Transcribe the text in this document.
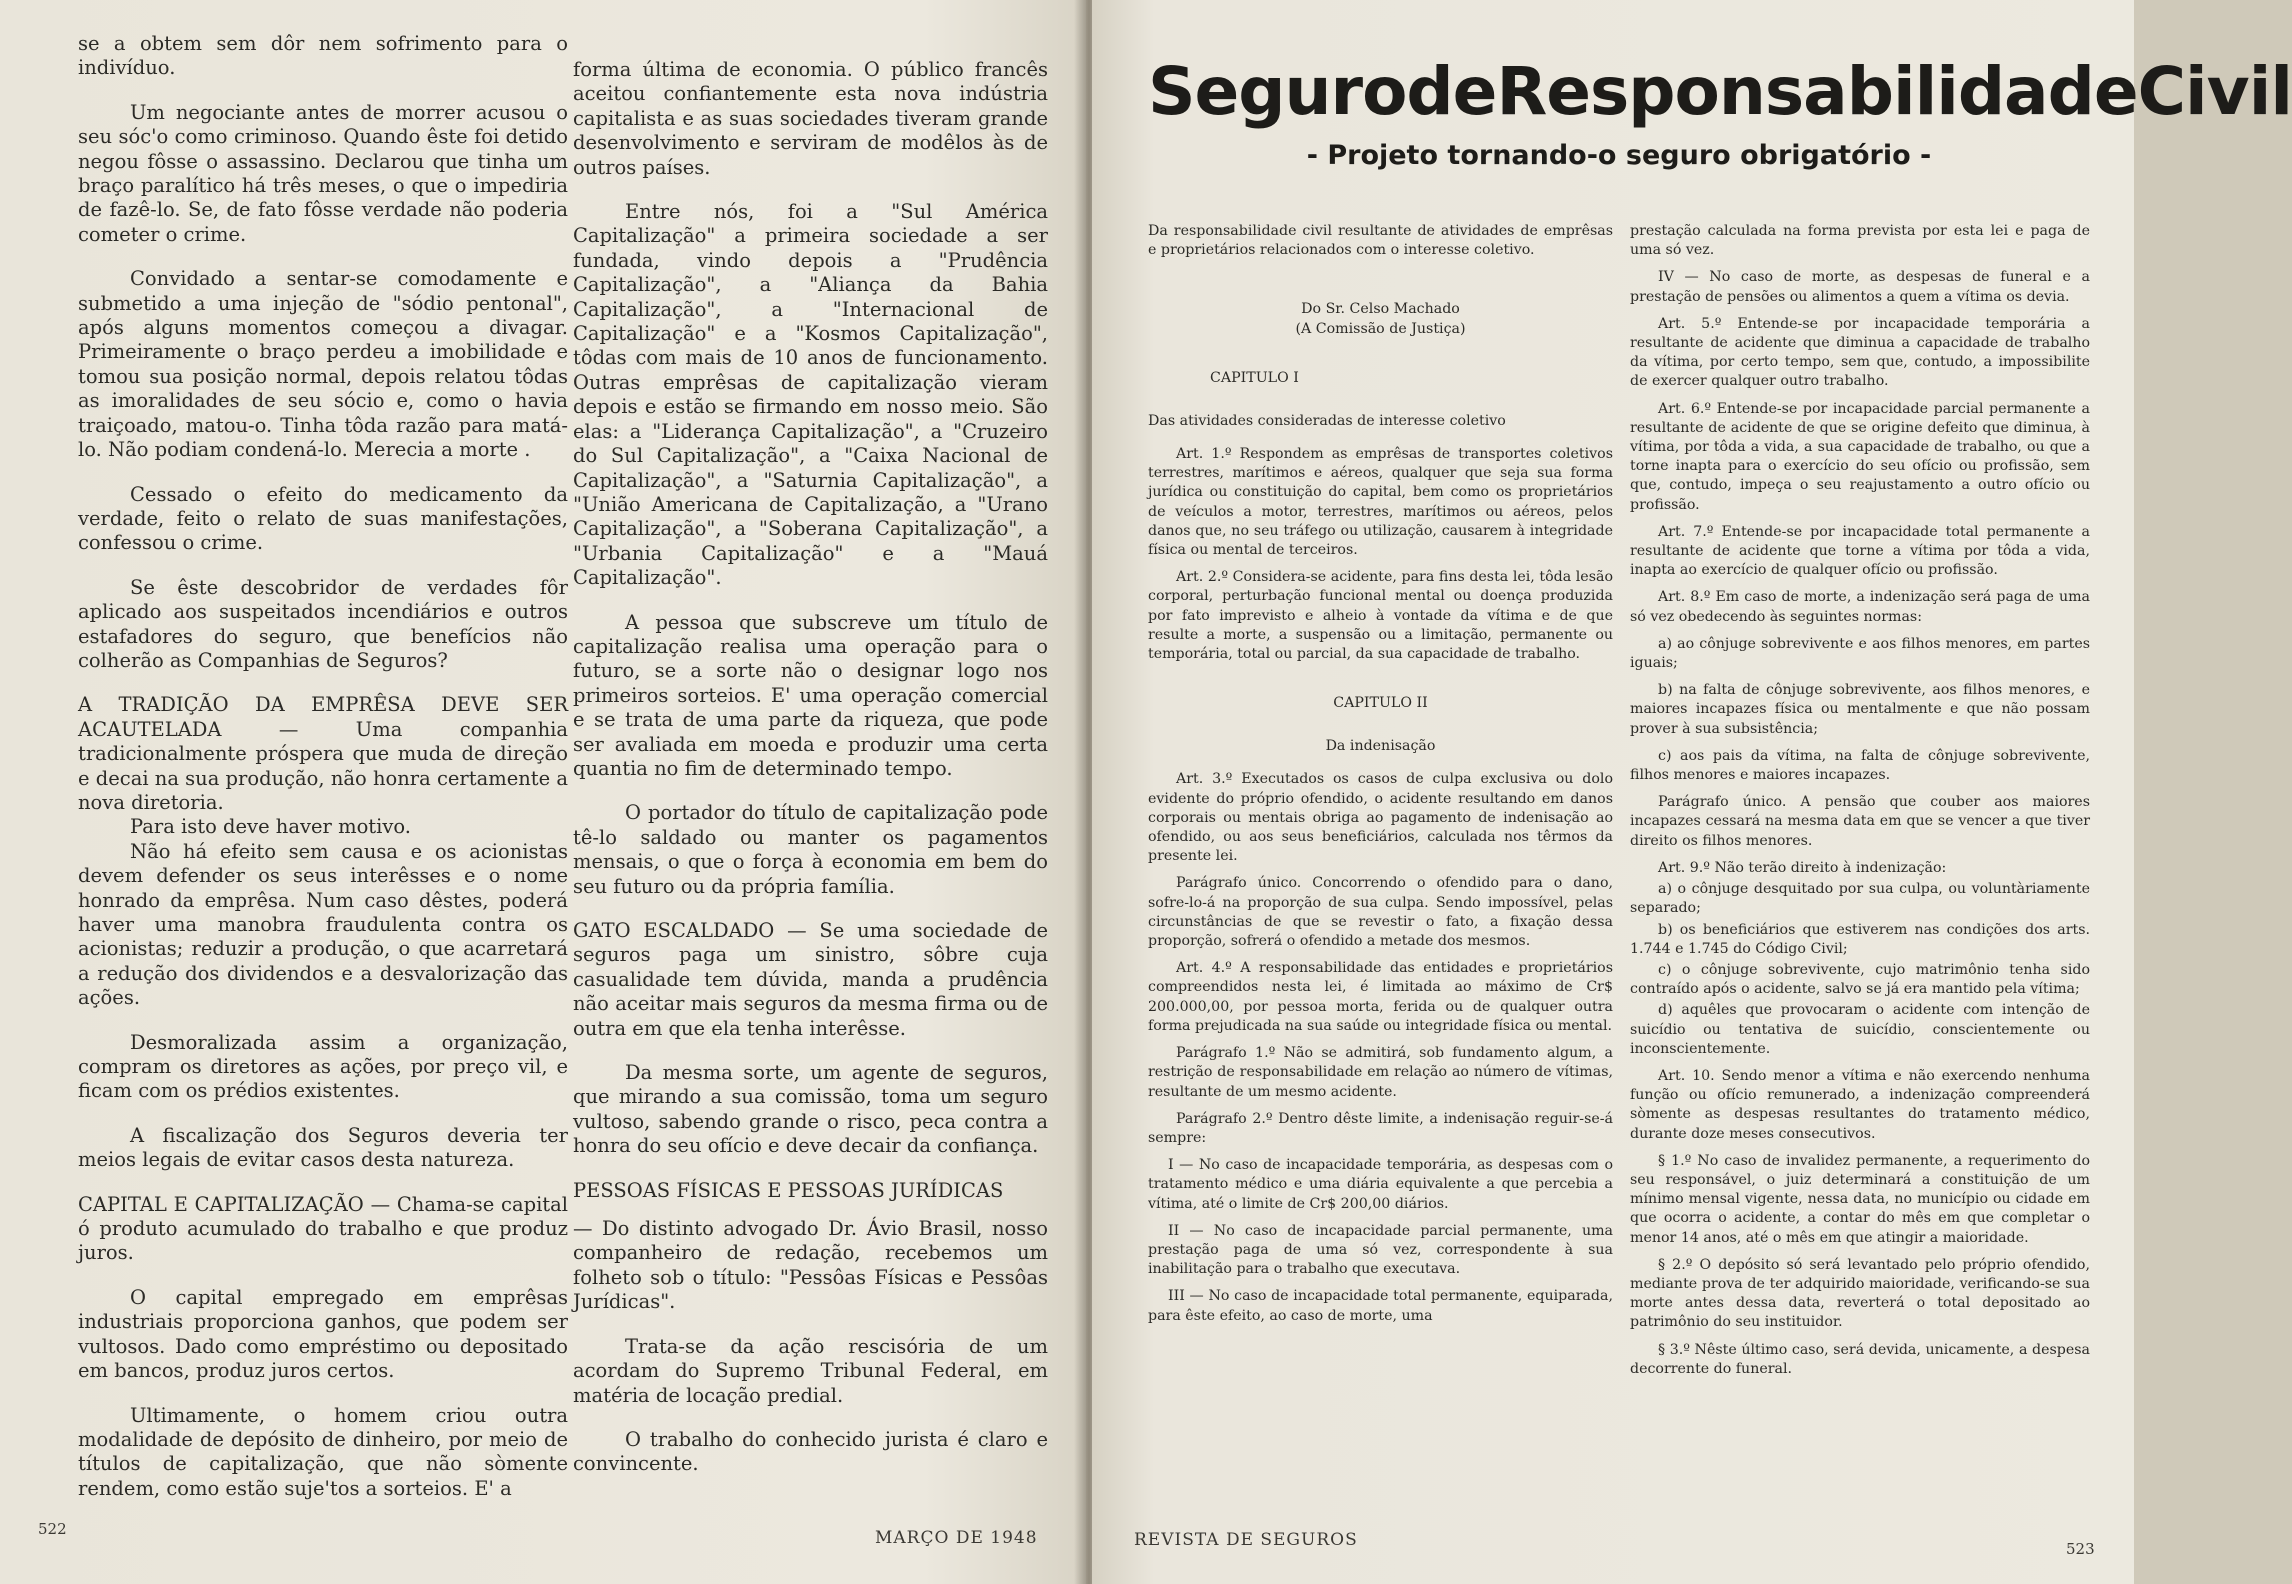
se a obtem sem dôr nem sofrimento para o indivíduo.

Um negociante antes de morrer acusou o seu sóc'o como criminoso. Quando êste foi detido negou fôsse o assassino. Declarou que tinha um braço paralítico há três meses, o que o impediria de fazê-lo. Se, de fato fôsse verdade não poderia cometer o crime.

Convidado a sentar-se comodamente e submetido a uma injeção de "sódio pentonal", após alguns momentos começou a divagar. Primeiramente o braço perdeu a imobilidade e tomou sua posição normal, depois relatou tôdas as imoralidades de seu sócio e, como o havia traiçoado, matou-o. Tinha tôda razão para matá-lo. Não podiam condená-lo. Merecia a morte .

Cessado o efeito do medicamento da verdade, feito o relato de suas manifestações, confessou o crime.

Se êste descobridor de verdades fôr aplicado aos suspeitados incendiários e outros estafadores do seguro, que benefícios não colherão as Companhias de Seguros?

A TRADIÇÃO DA EMPRÊSA DEVE SER ACAUTELADA — Uma companhia tradicionalmente próspera que muda de direção e decai na sua produção, não honra certamente a nova diretoria.

Para isto deve haver motivo.

Não há efeito sem causa e os acionistas devem defender os seus interêsses e o nome honrado da emprêsa. Num caso dêstes, poderá haver uma manobra fraudulenta contra os acionistas; reduzir a produção, o que acarretará a redução dos dividendos e a desvalorização das ações.

Desmoralizada assim a organização, compram os diretores as ações, por preço vil, e ficam com os prédios existentes.

A fiscalização dos Seguros deveria ter meios legais de evitar casos desta natureza.

CAPITAL E CAPITALIZAÇÃO — Chama-se capital ó produto acumulado do trabalho e que produz juros.

O capital empregado em emprêsas industriais proporciona ganhos, que podem ser vultosos. Dado como empréstimo ou depositado em bancos, produz juros certos.

Ultimamente, o homem criou outra modalidade de depósito de dinheiro, por meio de títulos de capitalização, que não sòmente rendem, como estão suje'tos a sorteios. E' a

forma última de economia. O público francês aceitou confiantemente esta nova indústria capitalista e as suas sociedades tiveram grande desenvolvimento e serviram de modêlos às de outros países.

Entre nós, foi a "Sul América Capitalização" a primeira sociedade a ser fundada, vindo depois a "Prudência Capitalização", a "Aliança da Bahia Capitalização", a "Internacional de Capitalização" e a "Kosmos Capitalização", tôdas com mais de 10 anos de funcionamento. Outras emprêsas de capitalização vieram depois e estão se firmando em nosso meio. São elas: a "Liderança Capitalização", a "Cruzeiro do Sul Capitalização", a "Caixa Nacional de Capitalização", a "Saturnia Capitalização", a "União Americana de Capitalização, a "Urano Capitalização", a "Soberana Capitalização", a "Urbania Capitalização" e a "Mauá Capitalização".

A pessoa que subscreve um título de capitalização realisa uma operação para o futuro, se a sorte não o designar logo nos primeiros sorteios. E' uma operação comercial e se trata de uma parte da riqueza, que pode ser avaliada em moeda e produzir uma certa quantia no fim de determinado tempo.

O portador do título de capitalização pode tê-lo saldado ou manter os pagamentos mensais, o que o força à economia em bem do seu futuro ou da própria família.

GATO ESCALDADO — Se uma sociedade de seguros paga um sinistro, sôbre cuja casualidade tem dúvida, manda a prudência não aceitar mais seguros da mesma firma ou de outra em que ela tenha interêsse.

Da mesma sorte, um agente de seguros, que mirando a sua comissão, toma um seguro vultoso, sabendo grande o risco, peca contra a honra do seu ofício e deve decair da confiança.

PESSOAS FÍSICAS E PESSOAS JURÍDICAS

— Do distinto advogado Dr. Ávio Brasil, nosso companheiro de redação, recebemos um folheto sob o título: "Pessôas Físicas e Pessôas Jurídicas".

Trata-se da ação rescisória de um acordam do Supremo Tribunal Federal, em matéria de locação predial.

O trabalho do conhecido jurista é claro e convincente.

522	MARÇO DE 1948
Seguro de Responsabilidade Civil
- Projeto tornando-o seguro obrigatório -

Da responsabilidade civil resultante de atividades de emprêsas e proprietários relacionados com o interesse coletivo.

Do Sr. Celso Machado

(A Comissão de Justiça)

CAPITULO I

Das atividades consideradas de interesse coletivo

Art. 1.º Respondem as emprêsas de transportes coletivos terrestres, marítimos e aéreos, qualquer que seja sua forma jurídica ou constituição do capital, bem como os proprietários de veículos a motor, terrestres, marítimos ou aéreos, pelos danos que, no seu tráfego ou utilização, causarem à integridade física ou mental de terceiros.

Art. 2.º Considera-se acidente, para fins desta lei, tôda lesão corporal, perturbação funcional mental ou doença produzida por fato imprevisto e alheio à vontade da vítima e de que resulte a morte, a suspensão ou a limitação, permanente ou temporária, total ou parcial, da sua capacidade de trabalho.

CAPITULO II

Da indenisação

Art. 3.º Executados os casos de culpa exclusiva ou dolo evidente do próprio ofendido, o acidente resultando em danos corporais ou mentais obriga ao pagamento de indenisação ao ofendido, ou aos seus beneficiários, calculada nos têrmos da presente lei.

Parágrafo único. Concorrendo o ofendido para o dano, sofre-lo-á na proporção de sua culpa. Sendo impossível, pelas circunstâncias de que se revestir o fato, a fixação dessa proporção, sofrerá o ofendido a metade dos mesmos.

Art. 4.º A responsabilidade das entidades e proprietários compreendidos nesta lei, é limitada ao máximo de Cr$ 200.000,00, por pessoa morta, ferida ou de qualquer outra forma prejudicada na sua saúde ou integridade física ou mental.

Parágrafo 1.º Não se admitirá, sob fundamento algum, a restrição de responsabilidade em relação ao número de vítimas, resultante de um mesmo acidente.

Parágrafo 2.º Dentro dêste limite, a indenisação reguir-se-á sempre:

I — No caso de incapacidade temporária, as despesas com o tratamento médico e uma diária equivalente a que percebia a vítima, até o limite de Cr$ 200,00 diários.

II — No caso de incapacidade parcial permanente, uma prestação paga de uma só vez, correspondente à sua inabilitação para o trabalho que executava.

III — No caso de incapacidade total permanente, equiparada, para êste efeito, ao caso de morte, uma

prestação calculada na forma prevista por esta lei e paga de uma só vez.

IV — No caso de morte, as despesas de funeral e a prestação de pensões ou alimentos a quem a vítima os devia.

Art. 5.º Entende-se por incapacidade temporária a resultante de acidente que diminua a capacidade de trabalho da vítima, por certo tempo, sem que, contudo, a impossibilite de exercer qualquer outro trabalho.

Art. 6.º Entende-se por incapacidade parcial permanente a resultante de acidente de que se origine defeito que diminua, à vítima, por tôda a vida, a sua capacidade de trabalho, ou que a torne inapta para o exercício do seu ofício ou profissão, sem que, contudo, impeça o seu reajustamento a outro ofício ou profissão.

Art. 7.º Entende-se por incapacidade total permanente a resultante de acidente que torne a vítima por tôda a vida, inapta ao exercício de qualquer ofício ou profissão.

Art. 8.º Em caso de morte, a indenização será paga de uma só vez obedecendo às seguintes normas:

a) ao cônjuge sobrevivente e aos filhos menores, em partes iguais;

b) na falta de cônjuge sobrevivente, aos filhos menores, e maiores incapazes física ou mentalmente e que não possam prover à sua subsistência;

c) aos pais da vítima, na falta de cônjuge sobrevivente, filhos menores e maiores incapazes.

Parágrafo único. A pensão que couber aos maiores incapazes cessará na mesma data em que se vencer a que tiver direito os filhos menores.

Art. 9.º Não terão direito à indenização:

a) o cônjuge desquitado por sua culpa, ou voluntàriamente separado;

b) os beneficiários que estiverem nas condições dos arts. 1.744 e 1.745 do Código Civil;

c) o cônjuge sobrevivente, cujo matrimônio tenha sido contraído após o acidente, salvo se já era mantido pela vítima;

d) aquêles que provocaram o acidente com intenção de suicídio ou tentativa de suicídio, conscientemente ou inconscientemente.

Art. 10. Sendo menor a vítima e não exercendo nenhuma função ou ofício remunerado, a indenização compreenderá sòmente as despesas resultantes do tratamento médico, durante doze meses consecutivos.

§ 1.º No caso de invalidez permanente, a requerimento do seu responsável, o juiz determinará a constituição de um mínimo mensal vigente, nessa data, no município ou cidade em que ocorra o acidente, a contar do mês em que completar o menor 14 anos, até o mês em que atingir a maioridade.

§ 2.º O depósito só será levantado pelo próprio ofendido, mediante prova de ter adquirido maioridade, verificando-se sua morte antes dessa data, reverterá o total depositado ao patrimônio do seu instituidor.

§ 3.º Nêste último caso, será devida, unicamente, a despesa decorrente do funeral.

REVISTA DE SEGUROS	523
